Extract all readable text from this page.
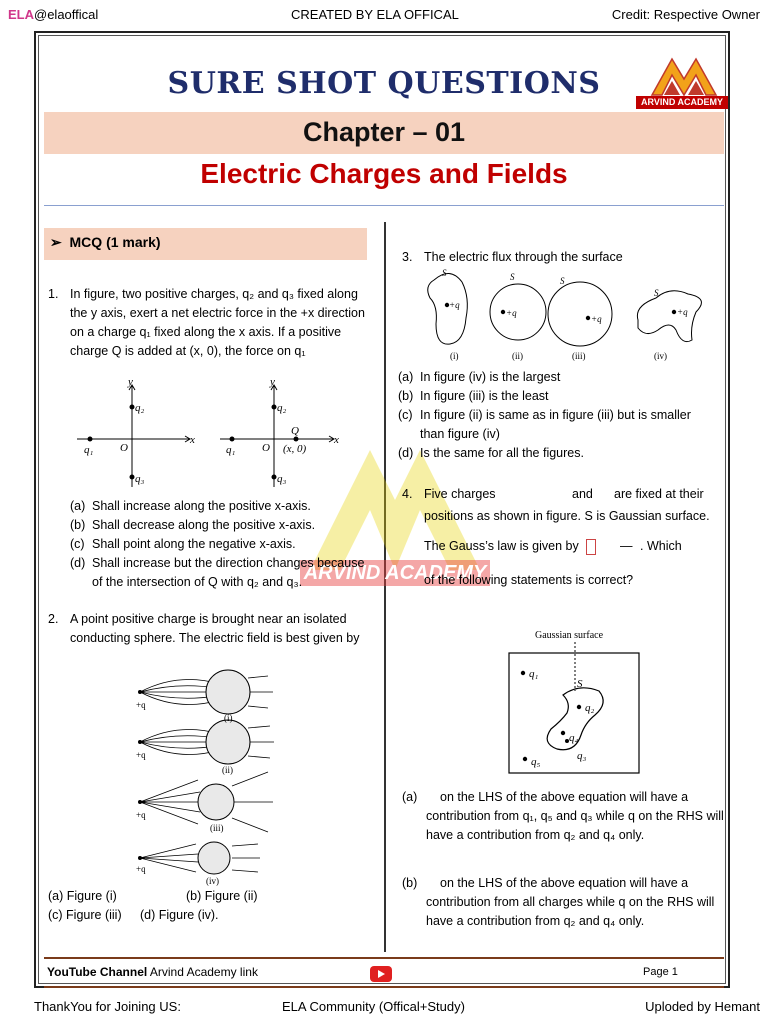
ELA@elaoffical	CREATED BY ELA OFFICAL	Credit: Respective Owner
ARVIND ACADEMY
SURE SHOT QUESTIONS
Chapter – 01
Electric Charges and Fields
ARVIND ACADEMY
➢  MCQ (1 mark)
1. In figure, two positive charges, q₂ and q₃ fixed along the y axis, exert a net electric force in the +x direction on a charge q₁ fixed along the x axis. If a positive charge Q is added at (x, 0), the force on q₁
q₁ O
q₂
q₃
y
x
q₁ O
q₂
q₃
y
x
Q
(x, 0)
(a) Shall increase along the positive x-axis.
(b) Shall decrease along the positive x-axis.
(c) Shall point along the negative x-axis.
(d) Shall increase but the direction changes because of the intersection of Q with q₂ and q₃.
2. A point positive charge is brought near an isolated conducting sphere. The electric field is best given by
+q
+q
+q
+q
(i)
(ii)
(iii)
(iv)
(a) Figure (i)	(b) Figure (ii)
(c) Figure (iii) (d) Figure (iv).
3. The electric flux through the surface
+q
+q
+q
+q
S	S	S
S
(i)	(ii)	(iii)	(iv)
(a) In figure (iv) is the largest
(b) In figure (iii) is the least
(c) In figure (ii) is same as in figure (iii) but is smaller than figure (iv)
(d) Is the same for all the figures.
4. Five charges	and are fixed at their
positions as shown in figure. S is Gaussian surface.
The Gauss’s law is given by	— . Which
of the following statements is correct?
Gaussian surface
q₁
S
q₂
q₄
q₃
q₅
(a) on the LHS of the above equation will have a contribution from q₁, q₅ and q₃ while q on the RHS will have a contribution from q₂ and q₄ only.
(b) on the LHS of the above equation will have a contribution from all charges while q on the RHS will have a contribution from q₂ and q₄ only.
YouTube Channel Arvind Academy link	Page 1
ThankYou for Joining US:	ELA Community (Offical+Study)	Uploded by Hemant
